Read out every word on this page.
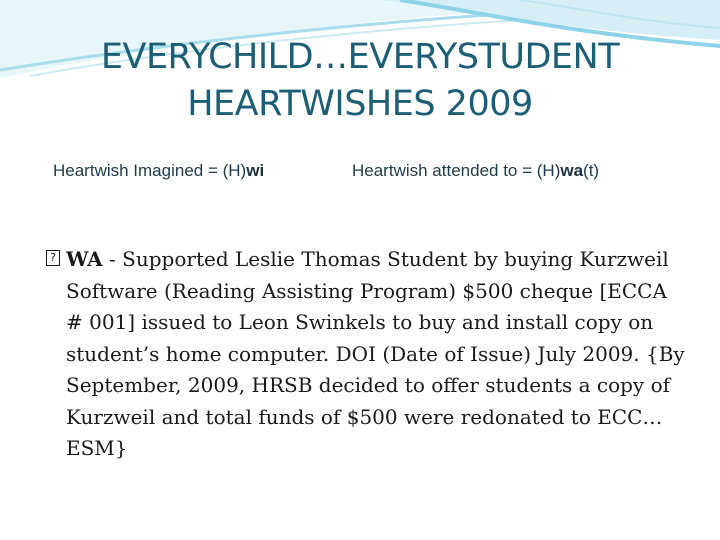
EVERYCHILD…EVERYSTUDENT
HEARTWISHES 2009
Heartwish Imagined = (H)wi	Heartwish attended to = (H)wa(t)
? WA - Supported Leslie Thomas Student by buying Kurzweil Software (Reading Assisting Program) $500 cheque [ECCA # 001] issued to Leon Swinkels to buy and install copy on student’s home computer. DOI (Date of Issue) July 2009. {By September, 2009, HRSB decided to offer students a copy of Kurzweil and total funds of $500 were redonated to ECC…ESM}
